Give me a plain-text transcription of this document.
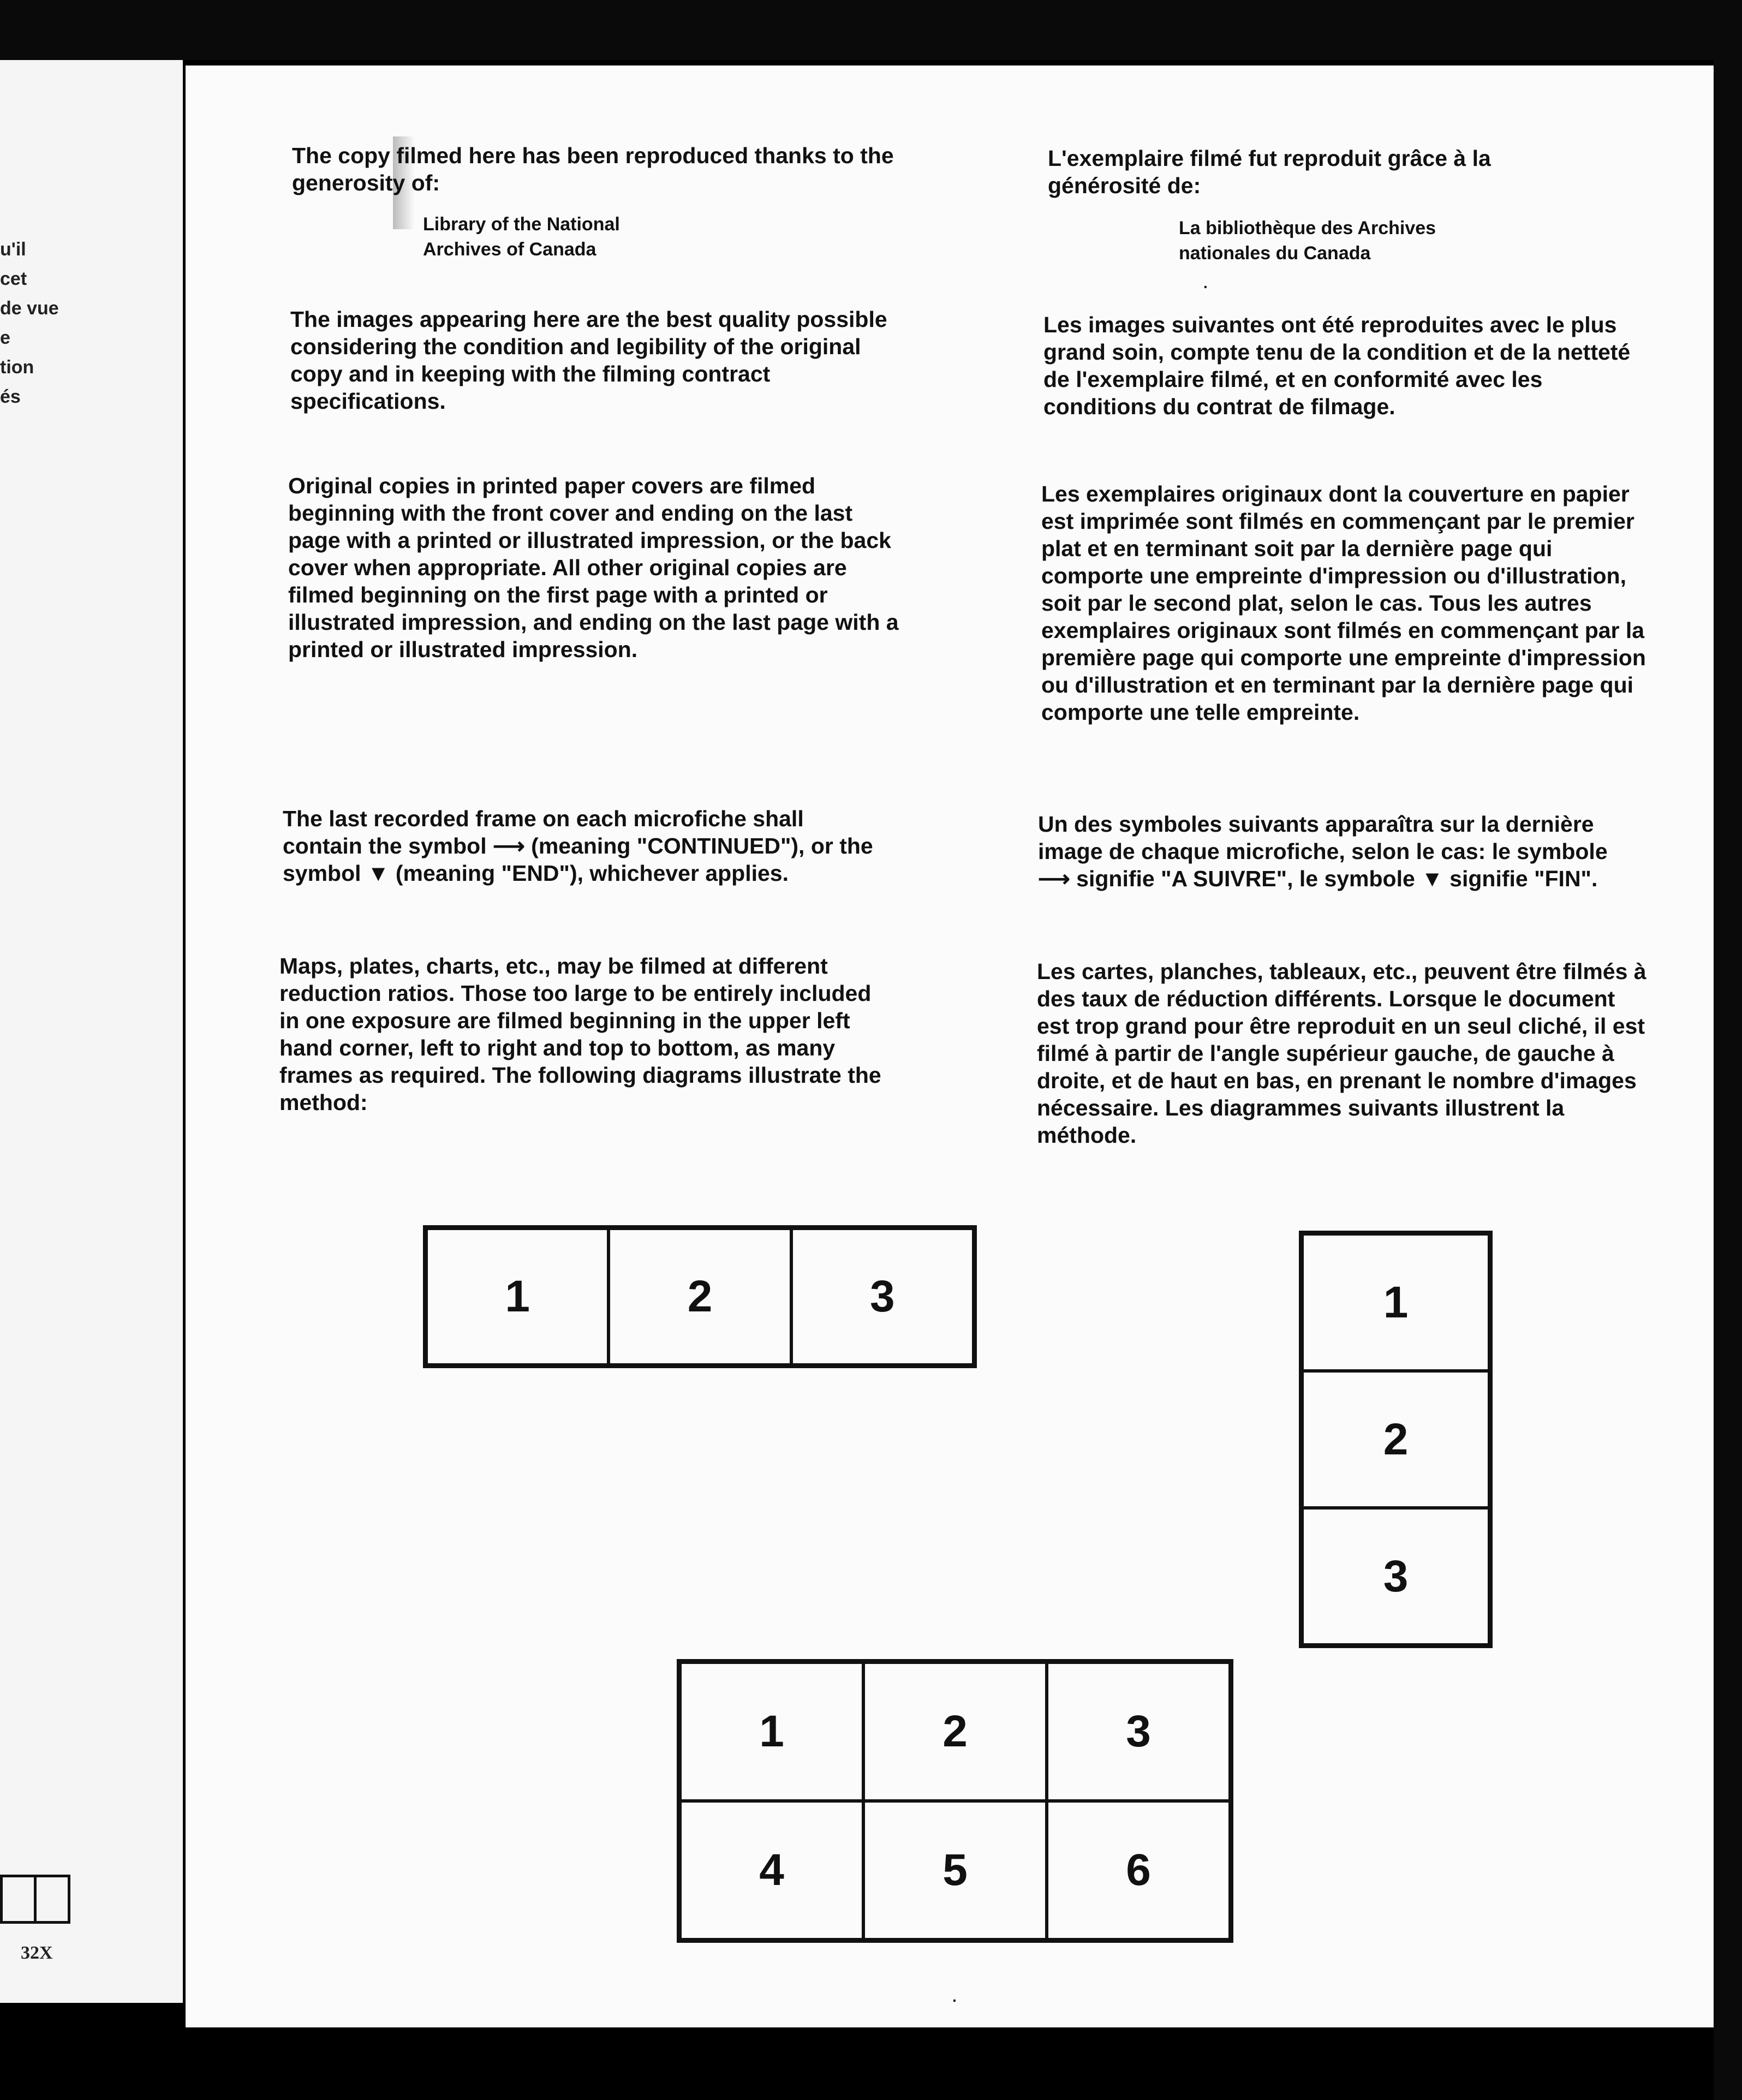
u'il
cet
de vue
e
tion
és
32X

The copy filmed here has been reproduced thanks to the generosity of:

Library of the National
Archives of Canada

The images appearing here are the best quality possible considering the condition and legibility of the original copy and in keeping with the filming contract specifications.

Original copies in printed paper covers are filmed beginning with the front cover and ending on the last page with a printed or illustrated impression, or the back cover when appropriate. All other original copies are filmed beginning on the first page with a printed or illustrated impression, and ending on the last page with a printed or illustrated impression.

The last recorded frame on each microfiche shall contain the symbol ⟶ (meaning "CONTINUED"), or the symbol ▼ (meaning "END"), whichever applies.

Maps, plates, charts, etc., may be filmed at different reduction ratios. Those too large to be entirely included in one exposure are filmed beginning in the upper left hand corner, left to right and top to bottom, as many frames as required. The following diagrams illustrate the method:

L'exemplaire filmé fut reproduit grâce à la générosité de:

La bibliothèque des Archives
nationales du Canada

Les images suivantes ont été reproduites avec le plus grand soin, compte tenu de la condition et de la netteté de l'exemplaire filmé, et en conformité avec les conditions du contrat de filmage.

Les exemplaires originaux dont la couverture en papier est imprimée sont filmés en commençant par le premier plat et en terminant soit par la dernière page qui comporte une empreinte d'impression ou d'illustration, soit par le second plat, selon le cas. Tous les autres exemplaires originaux sont filmés en commençant par la première page qui comporte une empreinte d'impression ou d'illustration et en terminant par la dernière page qui comporte une telle empreinte.

Un des symboles suivants apparaîtra sur la dernière image de chaque microfiche, selon le cas: le symbole ⟶ signifie "A SUIVRE", le symbole ▼ signifie "FIN".

Les cartes, planches, tableaux, etc., peuvent être filmés à des taux de réduction différents. Lorsque le document est trop grand pour être reproduit en un seul cliché, il est filmé à partir de l'angle supérieur gauche, de gauche à droite, et de haut en bas, en prenant le nombre d'images nécessaire. Les diagrammes suivants illustrent la méthode.

1	2	3	1
2
3
1	2	3
4	5	6
·
·
